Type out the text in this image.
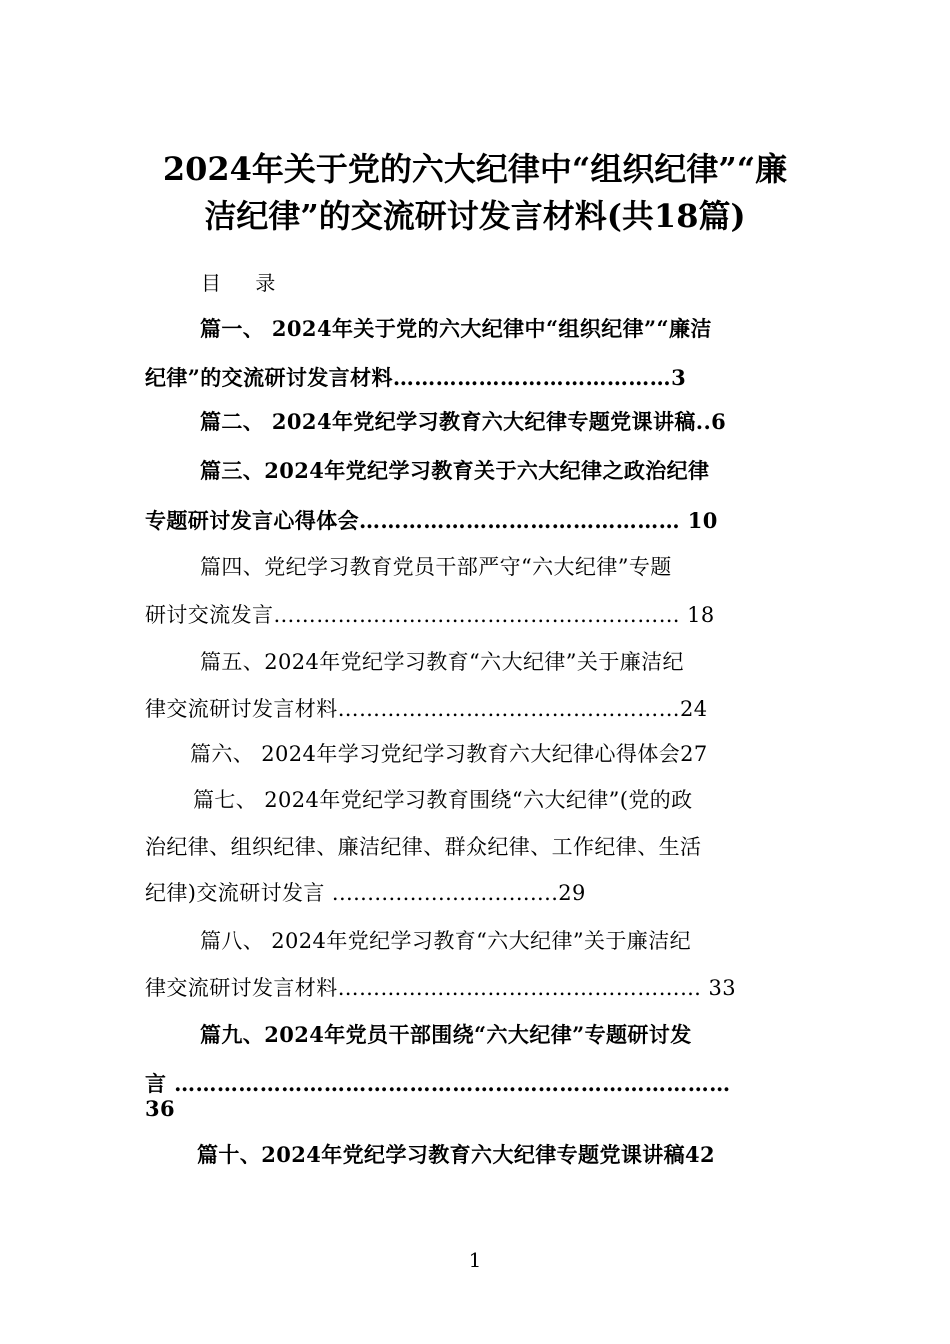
2024年关于党的六大纪律中“组织纪律”“廉
洁纪律”的交流研讨发言材料(共18篇)
目 录
篇一、 2024年关于党的六大纪律中“组织纪律”“廉洁
纪律”的交流研讨发言材料…………………………………3
篇二、 2024年党纪学习教育六大纪律专题党课讲稿..6
篇三、2024年党纪学习教育关于六大纪律之政治纪律
专题研讨发言心得体会……………………………………… 10
篇四、党纪学习教育党员干部严守“六大纪律”专题
研讨交流发言………………………………………………… 18
篇五、2024年党纪学习教育“六大纪律”关于廉洁纪
律交流研讨发言材料…………………………………………24
篇六、 2024年学习党纪学习教育六大纪律心得体会27
篇七、 2024年党纪学习教育围绕“六大纪律”(党的政
治纪律、组织纪律、廉洁纪律、群众纪律、工作纪律、生活
纪律)交流研讨发言 ................................29
篇八、 2024年党纪学习教育“六大纪律”关于廉洁纪
律交流研讨发言材料…………………………………………… 33
篇九、2024年党员干部围绕“六大纪律”专题研讨发
言 ……………………………………………………………………
36
篇十、2024年党纪学习教育六大纪律专题党课讲稿42
1
